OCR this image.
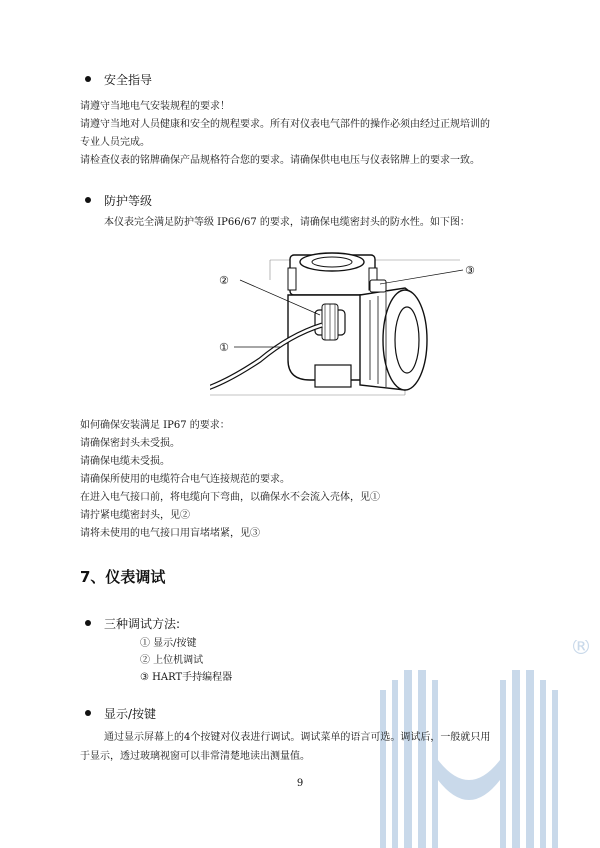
安全指导
请遵守当地电气安装规程的要求！
请遵守当地对人员健康和安全的规程要求。所有对仪表电气部件的操作必须由经过正规培训的
专业人员完成。
请检查仪表的铭牌确保产品规格符合您的要求。请确保供电电压与仪表铭牌上的要求一致。
防护等级
本仪表完全满足防护等级 IP66/67 的要求，请确保电缆密封头的防水性。如下图：
②
③
①
如何确保安装满足 IP67 的要求：
请确保密封头未受损。
请确保电缆未受损。
请确保所使用的电缆符合电气连接规范的要求。
在进入电气接口前，将电缆向下弯曲，以确保水不会流入壳体，见①
请拧紧电缆密封头，见②
请将未使用的电气接口用盲堵堵紧，见③
7、仪表调试
三种调试方法:
① 显示/按键
② 上位机调试
③ HART手持编程器
®
显示/按键
通过显示屏幕上的4个按键对仪表进行调试。调试菜单的语言可选。调试后，一般就只用
于显示，透过玻璃视窗可以非常清楚地读出测量值。
9
